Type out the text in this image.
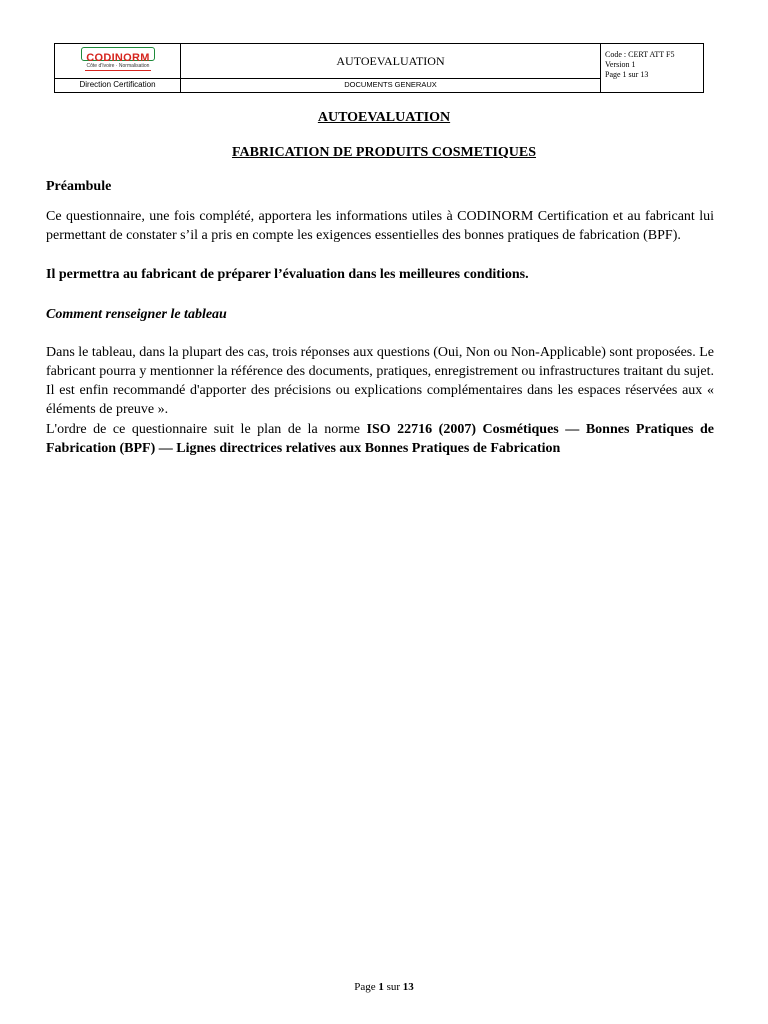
CODINORM
Côte d'Ivoire · Normalisation
Direction Certification
AUTOEVALUATION
DOCUMENTS GENERAUX
Code : CERT ATT F5
Version 1
Page 1 sur 13
AUTOEVALUATION
FABRICATION DE PRODUITS COSMETIQUES
Préambule
Ce questionnaire, une fois complété, apportera les informations utiles à CODINORM Certification et au fabricant lui permettant de constater s’il a pris en compte les exigences essentielles des bonnes pratiques de fabrication (BPF).
Il permettra au fabricant de préparer l’évaluation dans les meilleures conditions.
Comment renseigner le tableau
Dans le tableau, dans la plupart des cas, trois réponses aux questions (Oui, Non ou Non-Applicable) sont proposées. Le fabricant pourra y mentionner la référence des documents, pratiques, enregistrement ou infrastructures traitant du sujet. Il est enfin recommandé d'apporter des précisions ou explications complémentaires dans les espaces réservées aux « éléments de preuve ».
L'ordre de ce questionnaire suit le plan de la norme ISO 22716 (2007) Cosmétiques — Bonnes Pratiques de Fabrication (BPF) — Lignes directrices relatives aux Bonnes Pratiques de Fabrication
Page 1 sur 13
